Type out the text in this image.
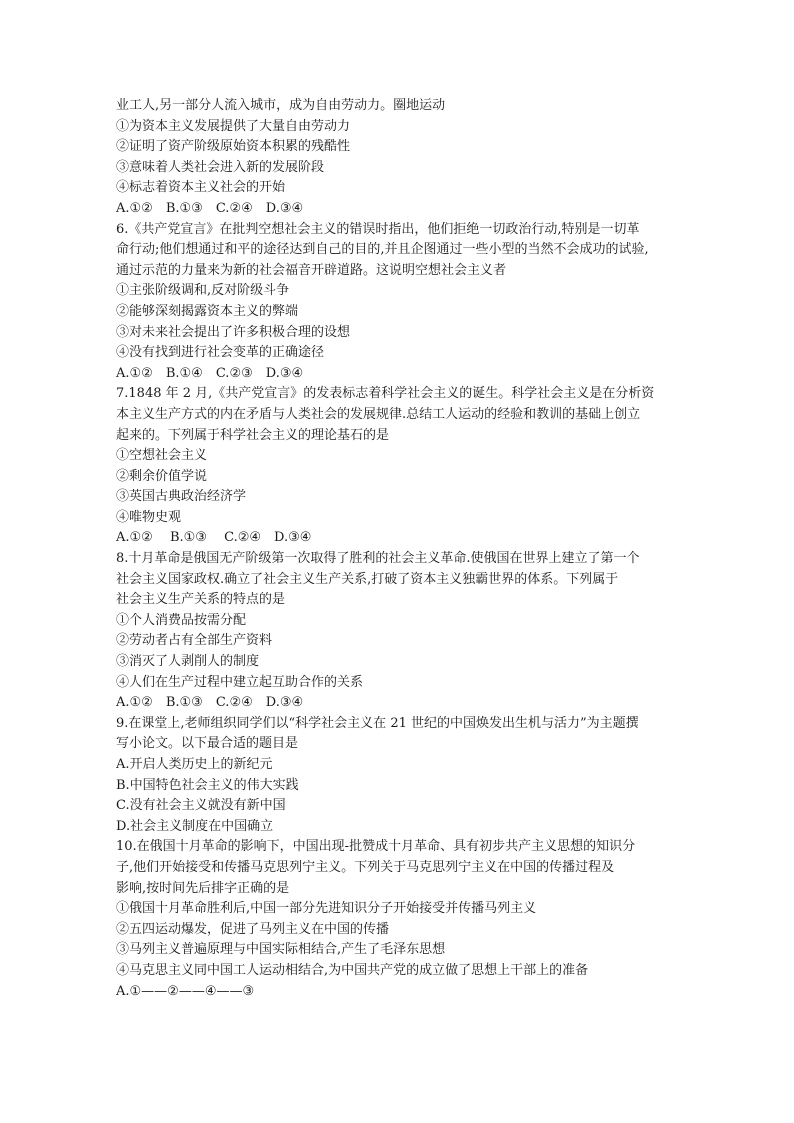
业工人,另一部分人流入城市，成为自由劳动力。圈地运动

①为资本主义发展提供了大量自由劳动力

②证明了资产阶级原始资本积累的残酷性

③意味着人类社会进入新的发展阶段

④标志着资本主义社会的开始

A.①②　B.①③　C.②④　D.③④

6.《共产党宣言》在批判空想社会主义的错误时指出，他们拒绝一切政治行动,特别是一切革

命行动;他们想通过和平的途径达到自己的目的,并且企图通过一些小型的当然不会成功的试验,

通过示范的力量来为新的社会福音开辟道路。这说明空想社会主义者

①主张阶级调和,反对阶级斗争

②能够深刻揭露资本主义的弊端

③对未来社会提出了许多积极合理的设想

④没有找到进行社会变革的正确途径

A.①②　B.①④　C.②③　D.③④

7.1848 年 2 月,《共产党宣言》的发表标志着科学社会主义的诞生。科学社会主义是在分析资

本主义生产方式的内在矛盾与人类社会的发展规律.总结工人运动的经验和教训的基础上创立

起来的。下列属于科学社会主义的理论基石的是

①空想社会主义

②剩余价值学说

③英国古典政治经济学

④唯物史观

A.①②　 B.①③　 C.②④　D.③④

8.十月革命是俄国无产阶级第一次取得了胜利的社会主义革命.使俄国在世界上建立了第一个

社会主义国家政权.确立了社会主义生产关系,打破了资本主义独霸世界的体系。下列属于

社会主义生产关系的特点的是

①个人消费品按需分配

②劳动者占有全部生产资料

③消灭了人剥削人的制度

④人们在生产过程中建立起互助合作的关系

A.①②　B.①③　C.②④　D.③④

9.在课堂上,老师组织同学们以“科学社会主义在 21 世纪的中国焕发出生机与活力”为主题撰

写小论文。以下最合适的题目是

A.开启人类历史上的新纪元

B.中国特色社会主义的伟大实践

C.没有社会主义就没有新中国

D.社会主义制度在中国确立

10.在俄国十月革命的影响下，中国出现-批赞成十月革命、具有初步共产主义思想的知识分

子,他们开始接受和传播马克思列宁主义。下列关于马克思列宁主义在中国的传播过程及

影响,按时间先后排字正确的是

①俄国十月革命胜利后,中国一部分先进知识分子开始接受并传播马列主义

②五四运动爆发，促进了马列主义在中国的传播

③马列主义普遍原理与中国实际相结合,产生了毛泽东思想

④马克思主义同中国工人运动相结合,为中国共产党的成立做了思想上干部上的准备

A.①——②——④——③
